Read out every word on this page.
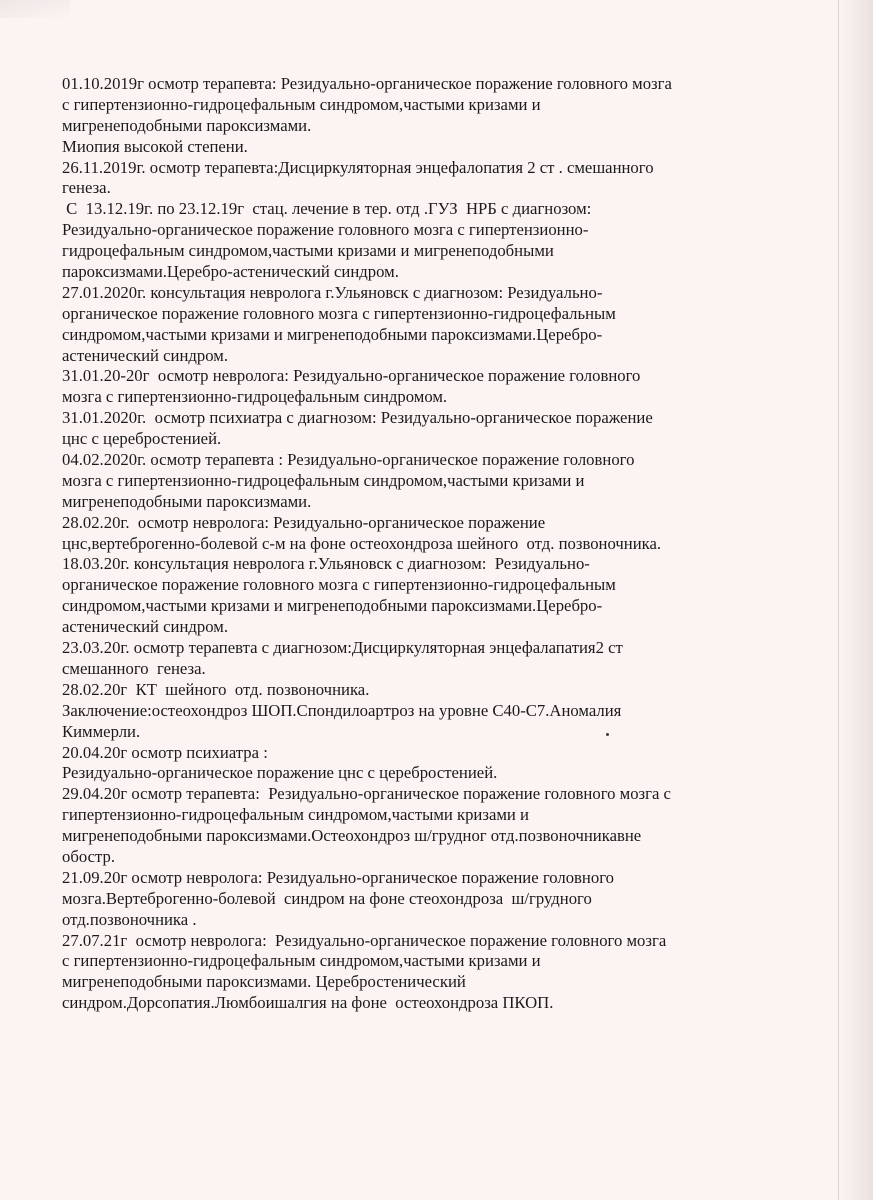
01.10.2019г осмотр терапевта: Резидуально-органическое поражение головного мозга
с гипертензионно-гидроцефальным синдромом,частыми кризами и
мигренеподобными пароксизмами.
Миопия высокой степени.
26.11.2019г. осмотр терапевта:Дисциркуляторная энцефалопатия 2 ст . смешанного
генеза.
С  13.12.19г. по 23.12.19г  стац. лечение в тер. отд .ГУЗ  НРБ с диагнозом:
Резидуально-органическое поражение головного мозга с гипертензионно-
гидроцефальным синдромом,частыми кризами и мигренеподобными
пароксизмами.Церебро-астенический синдром.
27.01.2020г. консультация невролога г.Ульяновск с диагнозом: Резидуально-
органическое поражение головного мозга с гипертензионно-гидроцефальным
синдромом,частыми кризами и мигренеподобными пароксизмами.Церебро-
астенический синдром.
31.01.20-20г  осмотр невролога: Резидуально-органическое поражение головного
мозга с гипертензионно-гидроцефальным синдромом.
31.01.2020г.  осмотр психиатра с диагнозом: Резидуально-органическое поражение
цнс с церебростенией.
04.02.2020г. осмотр терапевта : Резидуально-органическое поражение головного
мозга с гипертензионно-гидроцефальным синдромом,частыми кризами и
мигренеподобными пароксизмами.
28.02.20г.  осмотр невролога: Резидуально-органическое поражение
цнс,вертеброгенно-болевой с-м на фоне остеохондроза шейного  отд. позвоночника.
18.03.20г. консультация невролога г.Ульяновск с диагнозом:  Резидуально-
органическое поражение головного мозга с гипертензионно-гидроцефальным
синдромом,частыми кризами и мигренеподобными пароксизмами.Церебро-
астенический синдром.
23.03.20г. осмотр терапевта с диагнозом:Дисциркуляторная энцефалапатия2 ст
смешанного  генеза.
28.02.20г  КТ  шейного  отд. позвоночника.
Заключение:остеохондроз ШОП.Спондилоартроз на уровне С40-С7.Аномалия
Киммерли.
20.04.20г осмотр психиатра :
Резидуально-органическое поражение цнс с церебростенией.
29.04.20г осмотр терапевта:  Резидуально-органическое поражение головного мозга с
гипертензионно-гидроцефальным синдромом,частыми кризами и
мигренеподобными пароксизмами.Остеохондроз ш/грудног отд.позвоночникавне
обостр.
21.09.20г осмотр невролога: Резидуально-органическое поражение головного
мозга.Вертеброгенно-болевой  синдром на фоне стеохондроза  ш/грудного
отд.позвоночника .
27.07.21г  осмотр невролога:  Резидуально-органическое поражение головного мозга
с гипертензионно-гидроцефальным синдромом,частыми кризами и
мигренеподобными пароксизмами. Церебростенический
синдром.Дорсопатия.Люмбоишалгия на фоне  остеохондроза ПКОП.
